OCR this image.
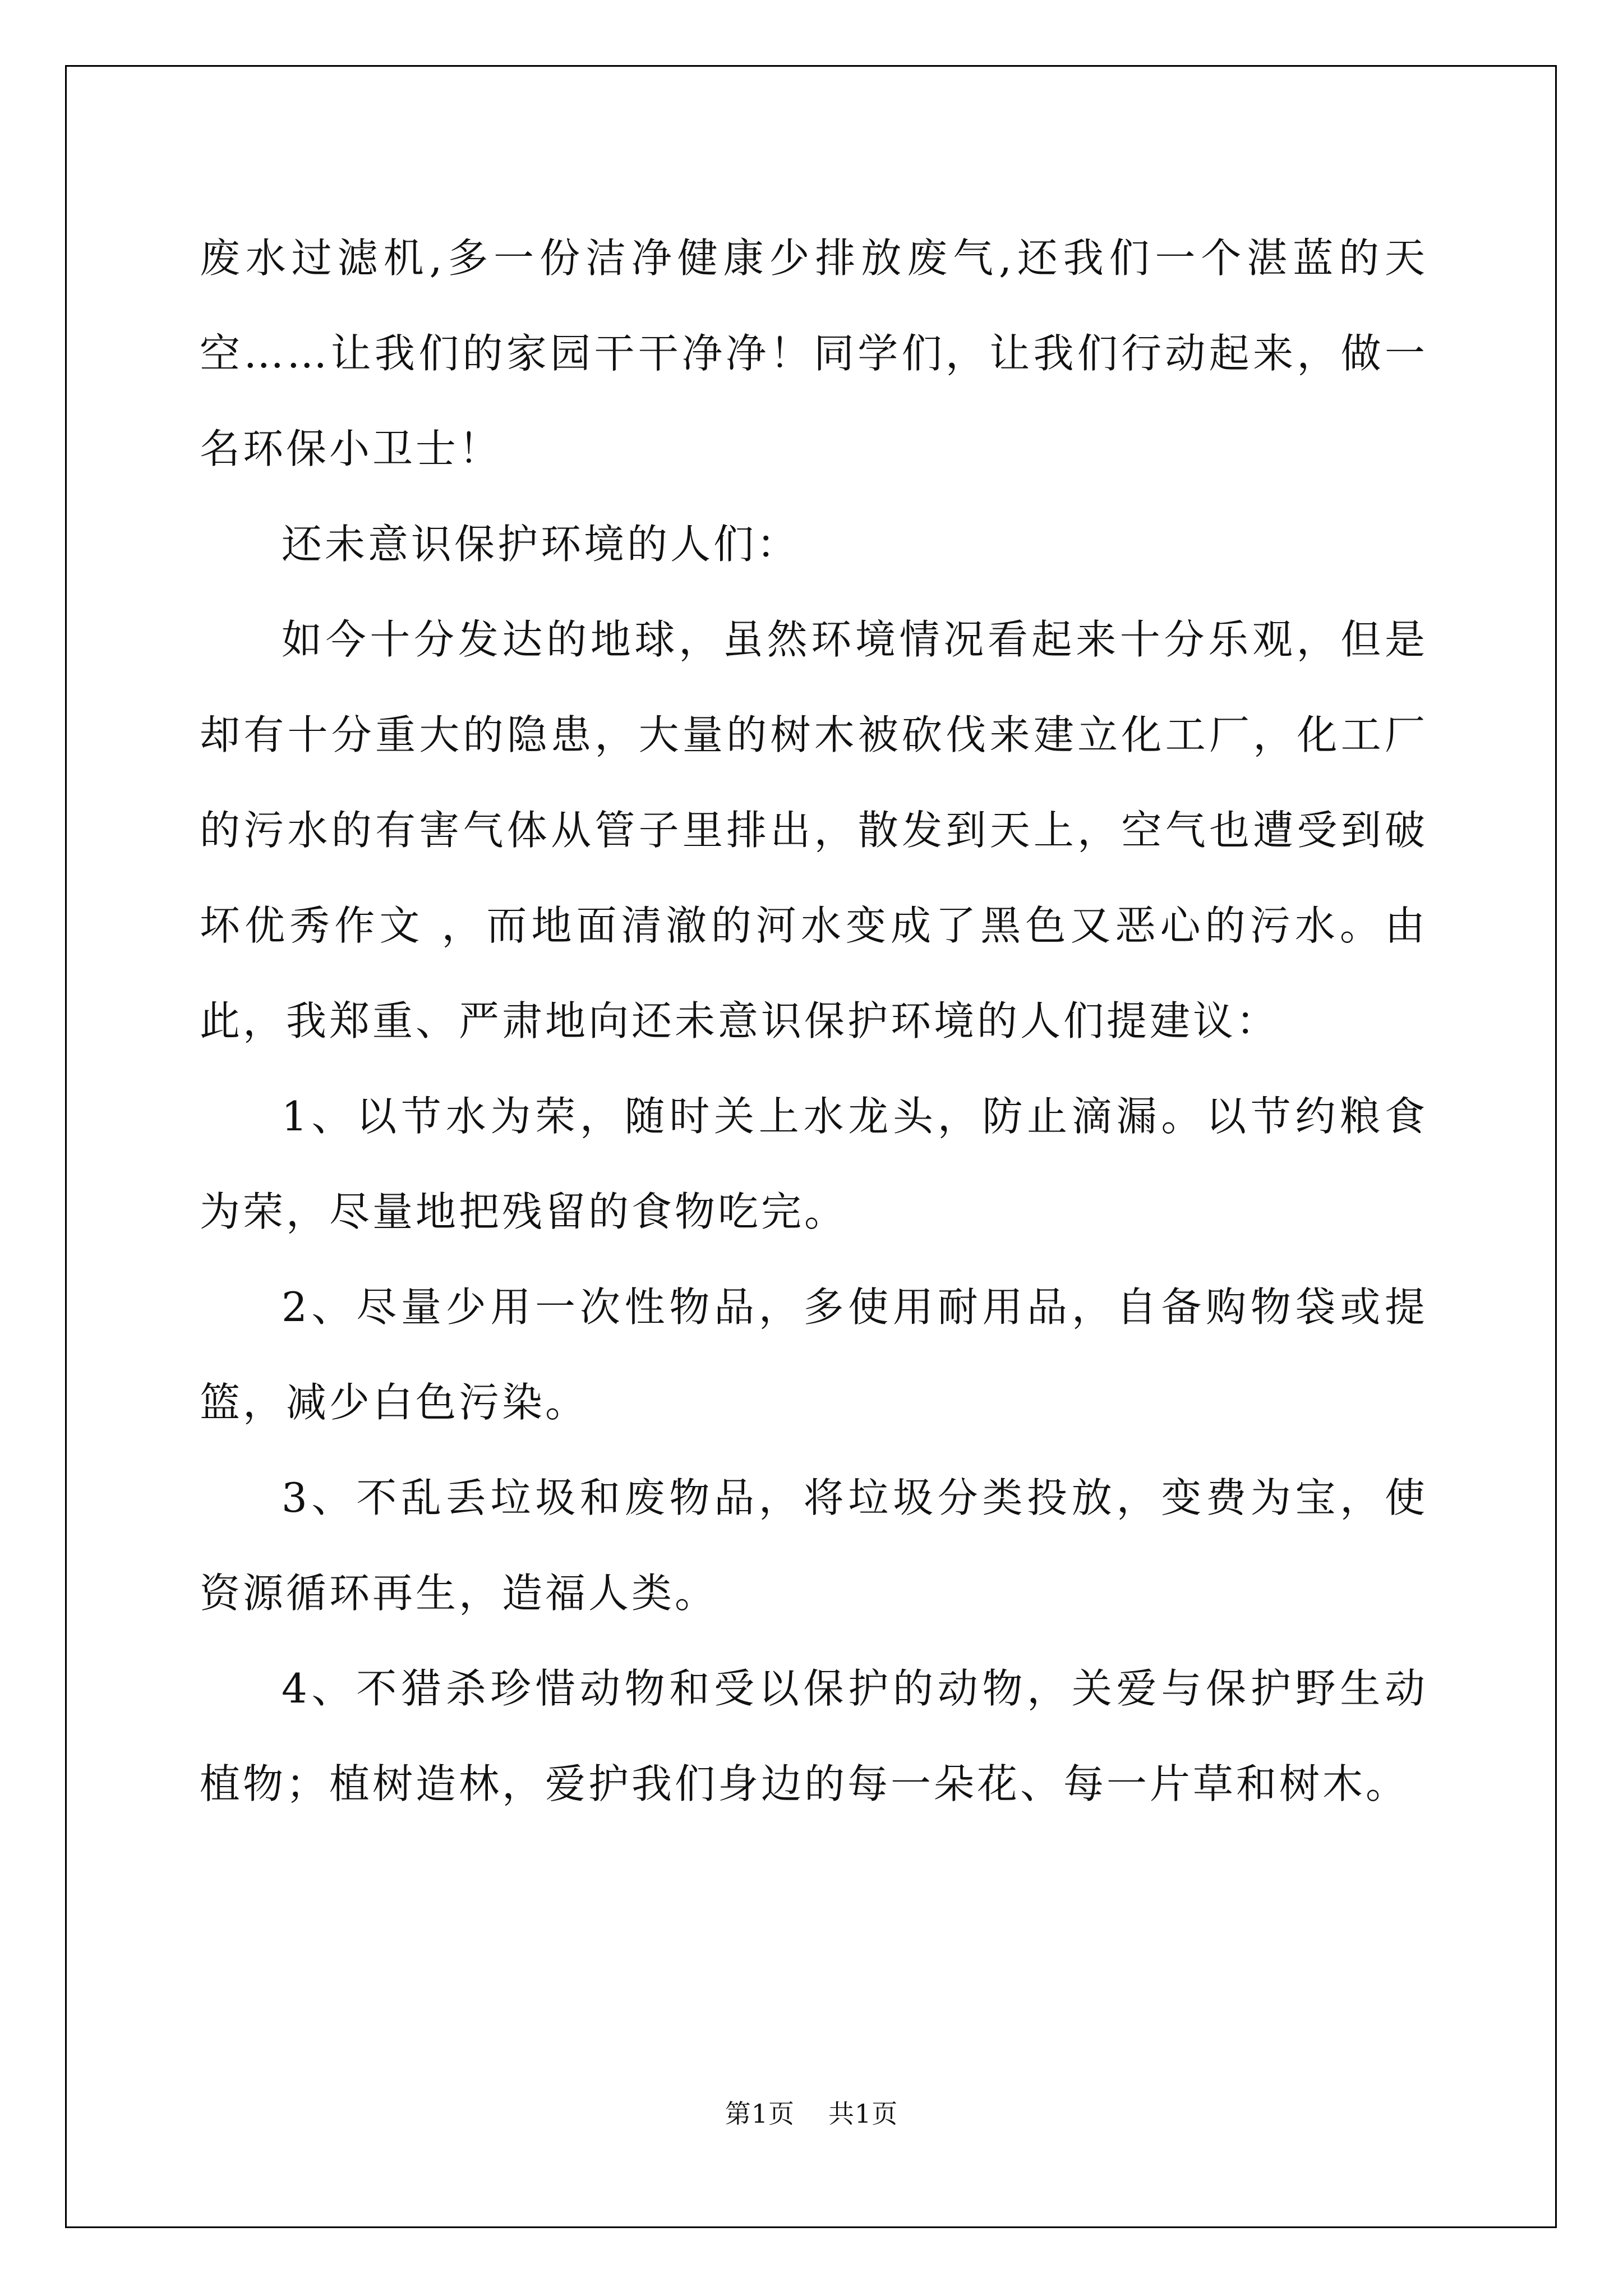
废水过滤机,多一份洁净健康少排放废气,还我们一个湛蓝的天空……让我们的家园干干净净！同学们，让我们行动起来，做一名环保小卫士！

还未意识保护环境的人们：

如今十分发达的地球，虽然环境情况看起来十分乐观，但是却有十分重大的隐患，大量的树木被砍伐来建立化工厂，化工厂的污水的有害气体从管子里排出，散发到天上，空气也遭受到破坏优秀作文 ，而地面清澈的河水变成了黑色又恶心的污水。由此，我郑重、严肃地向还未意识保护环境的人们提建议：

1、以节水为荣，随时关上水龙头，防止滴漏。以节约粮食为荣，尽量地把残留的食物吃完。

2、尽量少用一次性物品，多使用耐用品，自备购物袋或提篮，减少白色污染。

3、不乱丢垃圾和废物品，将垃圾分类投放，变费为宝，使资源循环再生，造福人类。

4、不猎杀珍惜动物和受以保护的动物，关爱与保护野生动植物；植树造林，爱护我们身边的每一朵花、每一片草和树木。

第1页 共1页
